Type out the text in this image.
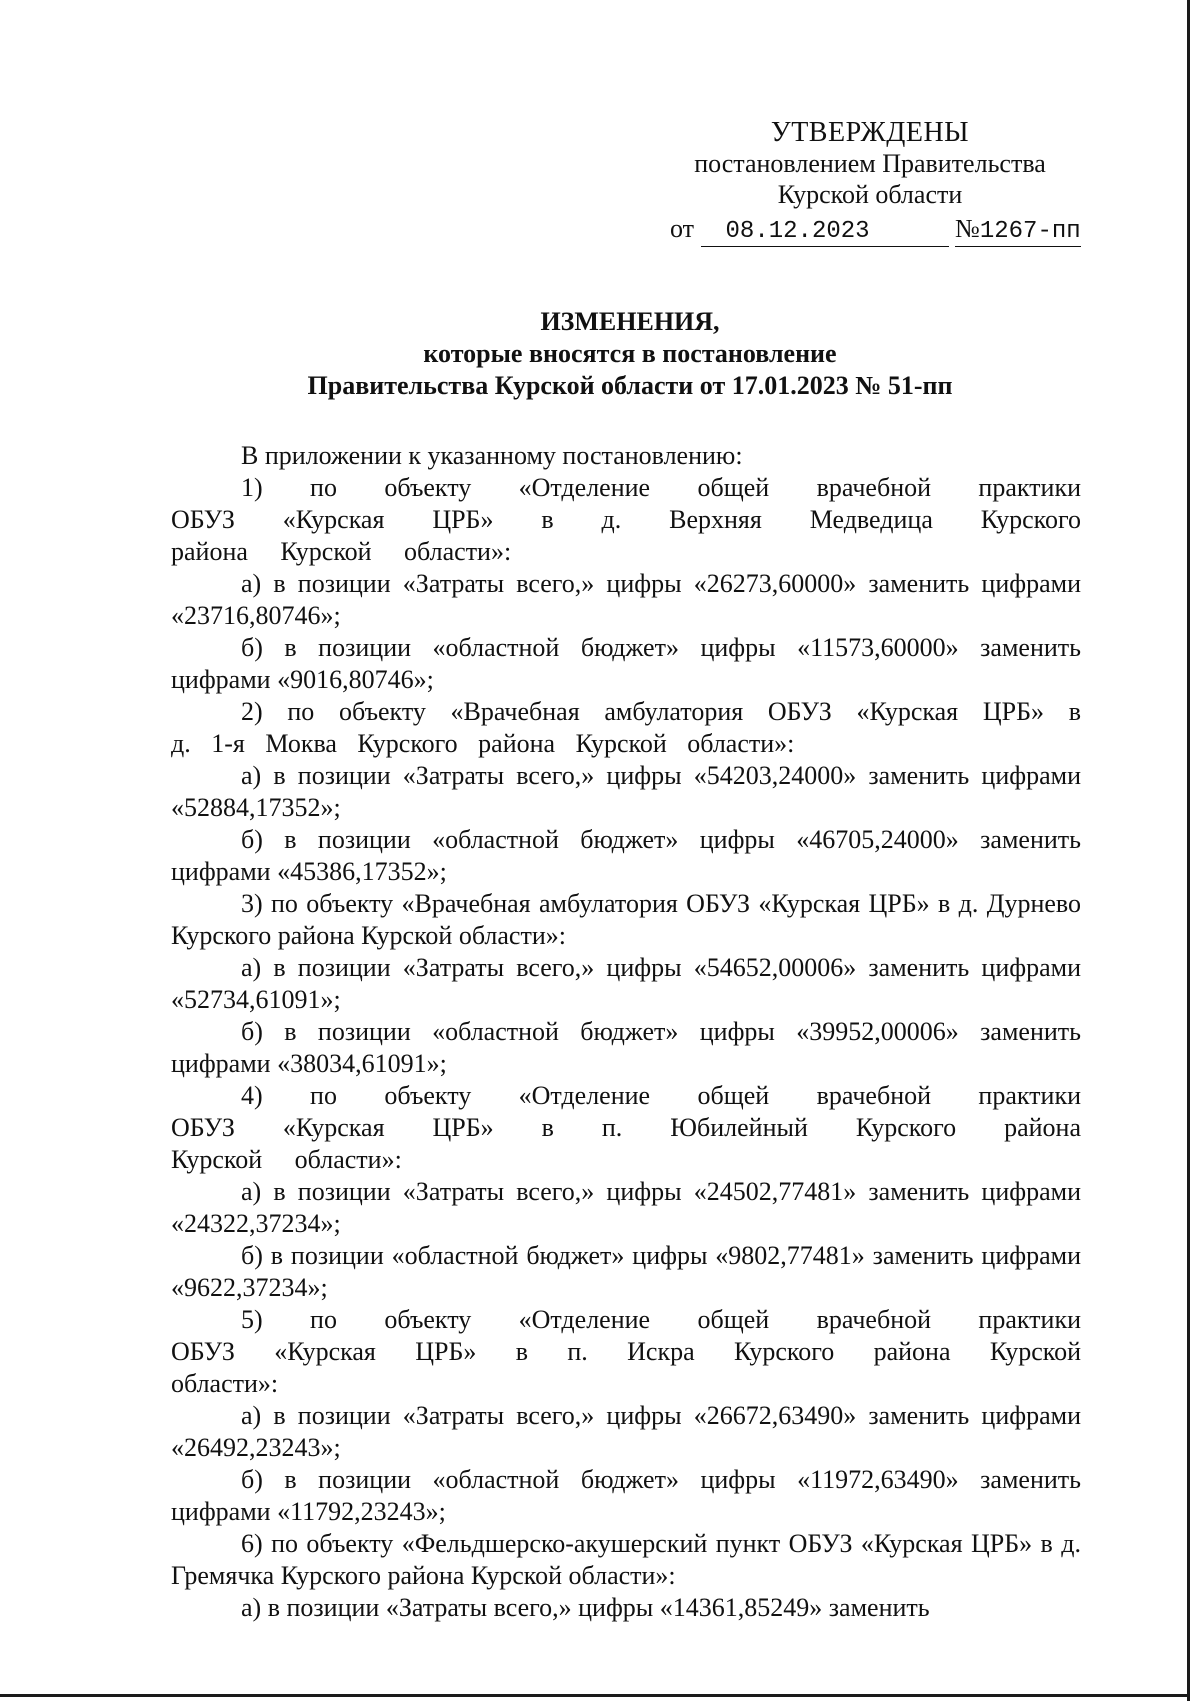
УТВЕРЖДЕНЫ
постановлением Правительства
Курской области
от 08.12.2023	№1267-пп
ИЗМЕНЕНИЯ,
которые вносятся в постановление
Правительства Курской области от 17.01.2023 № 51-пп

В приложении к указанному постановлению:

1) по объекту «Отделение общей врачебной практики ОБУЗ «Курская ЦРБ» в д. Верхняя Медведица Курского района Курской области»:

а) в позиции «Затраты всего,» цифры «26273,60000» заменить цифрами «23716,80746»;

б) в позиции «областной бюджет» цифры «11573,60000» заменить цифрами «9016,80746»;

2) по объекту «Врачебная амбулатория ОБУЗ «Курская ЦРБ» в д. 1-я Моква Курского района Курской области»:

а) в позиции «Затраты всего,» цифры «54203,24000» заменить цифрами «52884,17352»;

б) в позиции «областной бюджет» цифры «46705,24000» заменить цифрами «45386,17352»;

3) по объекту «Врачебная амбулатория ОБУЗ «Курская ЦРБ» в д. Дурнево Курского района Курской области»:

а) в позиции «Затраты всего,» цифры «54652,00006» заменить цифрами «52734,61091»;

б) в позиции «областной бюджет» цифры «39952,00006» заменить цифрами «38034,61091»;

4) по объекту «Отделение общей врачебной практики ОБУЗ «Курская ЦРБ» в п. Юбилейный Курского района Курской области»:

а) в позиции «Затраты всего,» цифры «24502,77481» заменить цифрами «24322,37234»;

б) в позиции «областной бюджет» цифры «9802,77481» заменить цифрами «9622,37234»;

5) по объекту «Отделение общей врачебной практики ОБУЗ «Курская ЦРБ» в п. Искра Курского района Курской области»:

а) в позиции «Затраты всего,» цифры «26672,63490» заменить цифрами «26492,23243»;

б) в позиции «областной бюджет» цифры «11972,63490» заменить цифрами «11792,23243»;

6) по объекту «Фельдшерско-акушерский пункт ОБУЗ «Курская ЦРБ» в д. Гремячка Курского района Курской области»:

а) в позиции «Затраты всего,» цифры «14361,85249» заменить
